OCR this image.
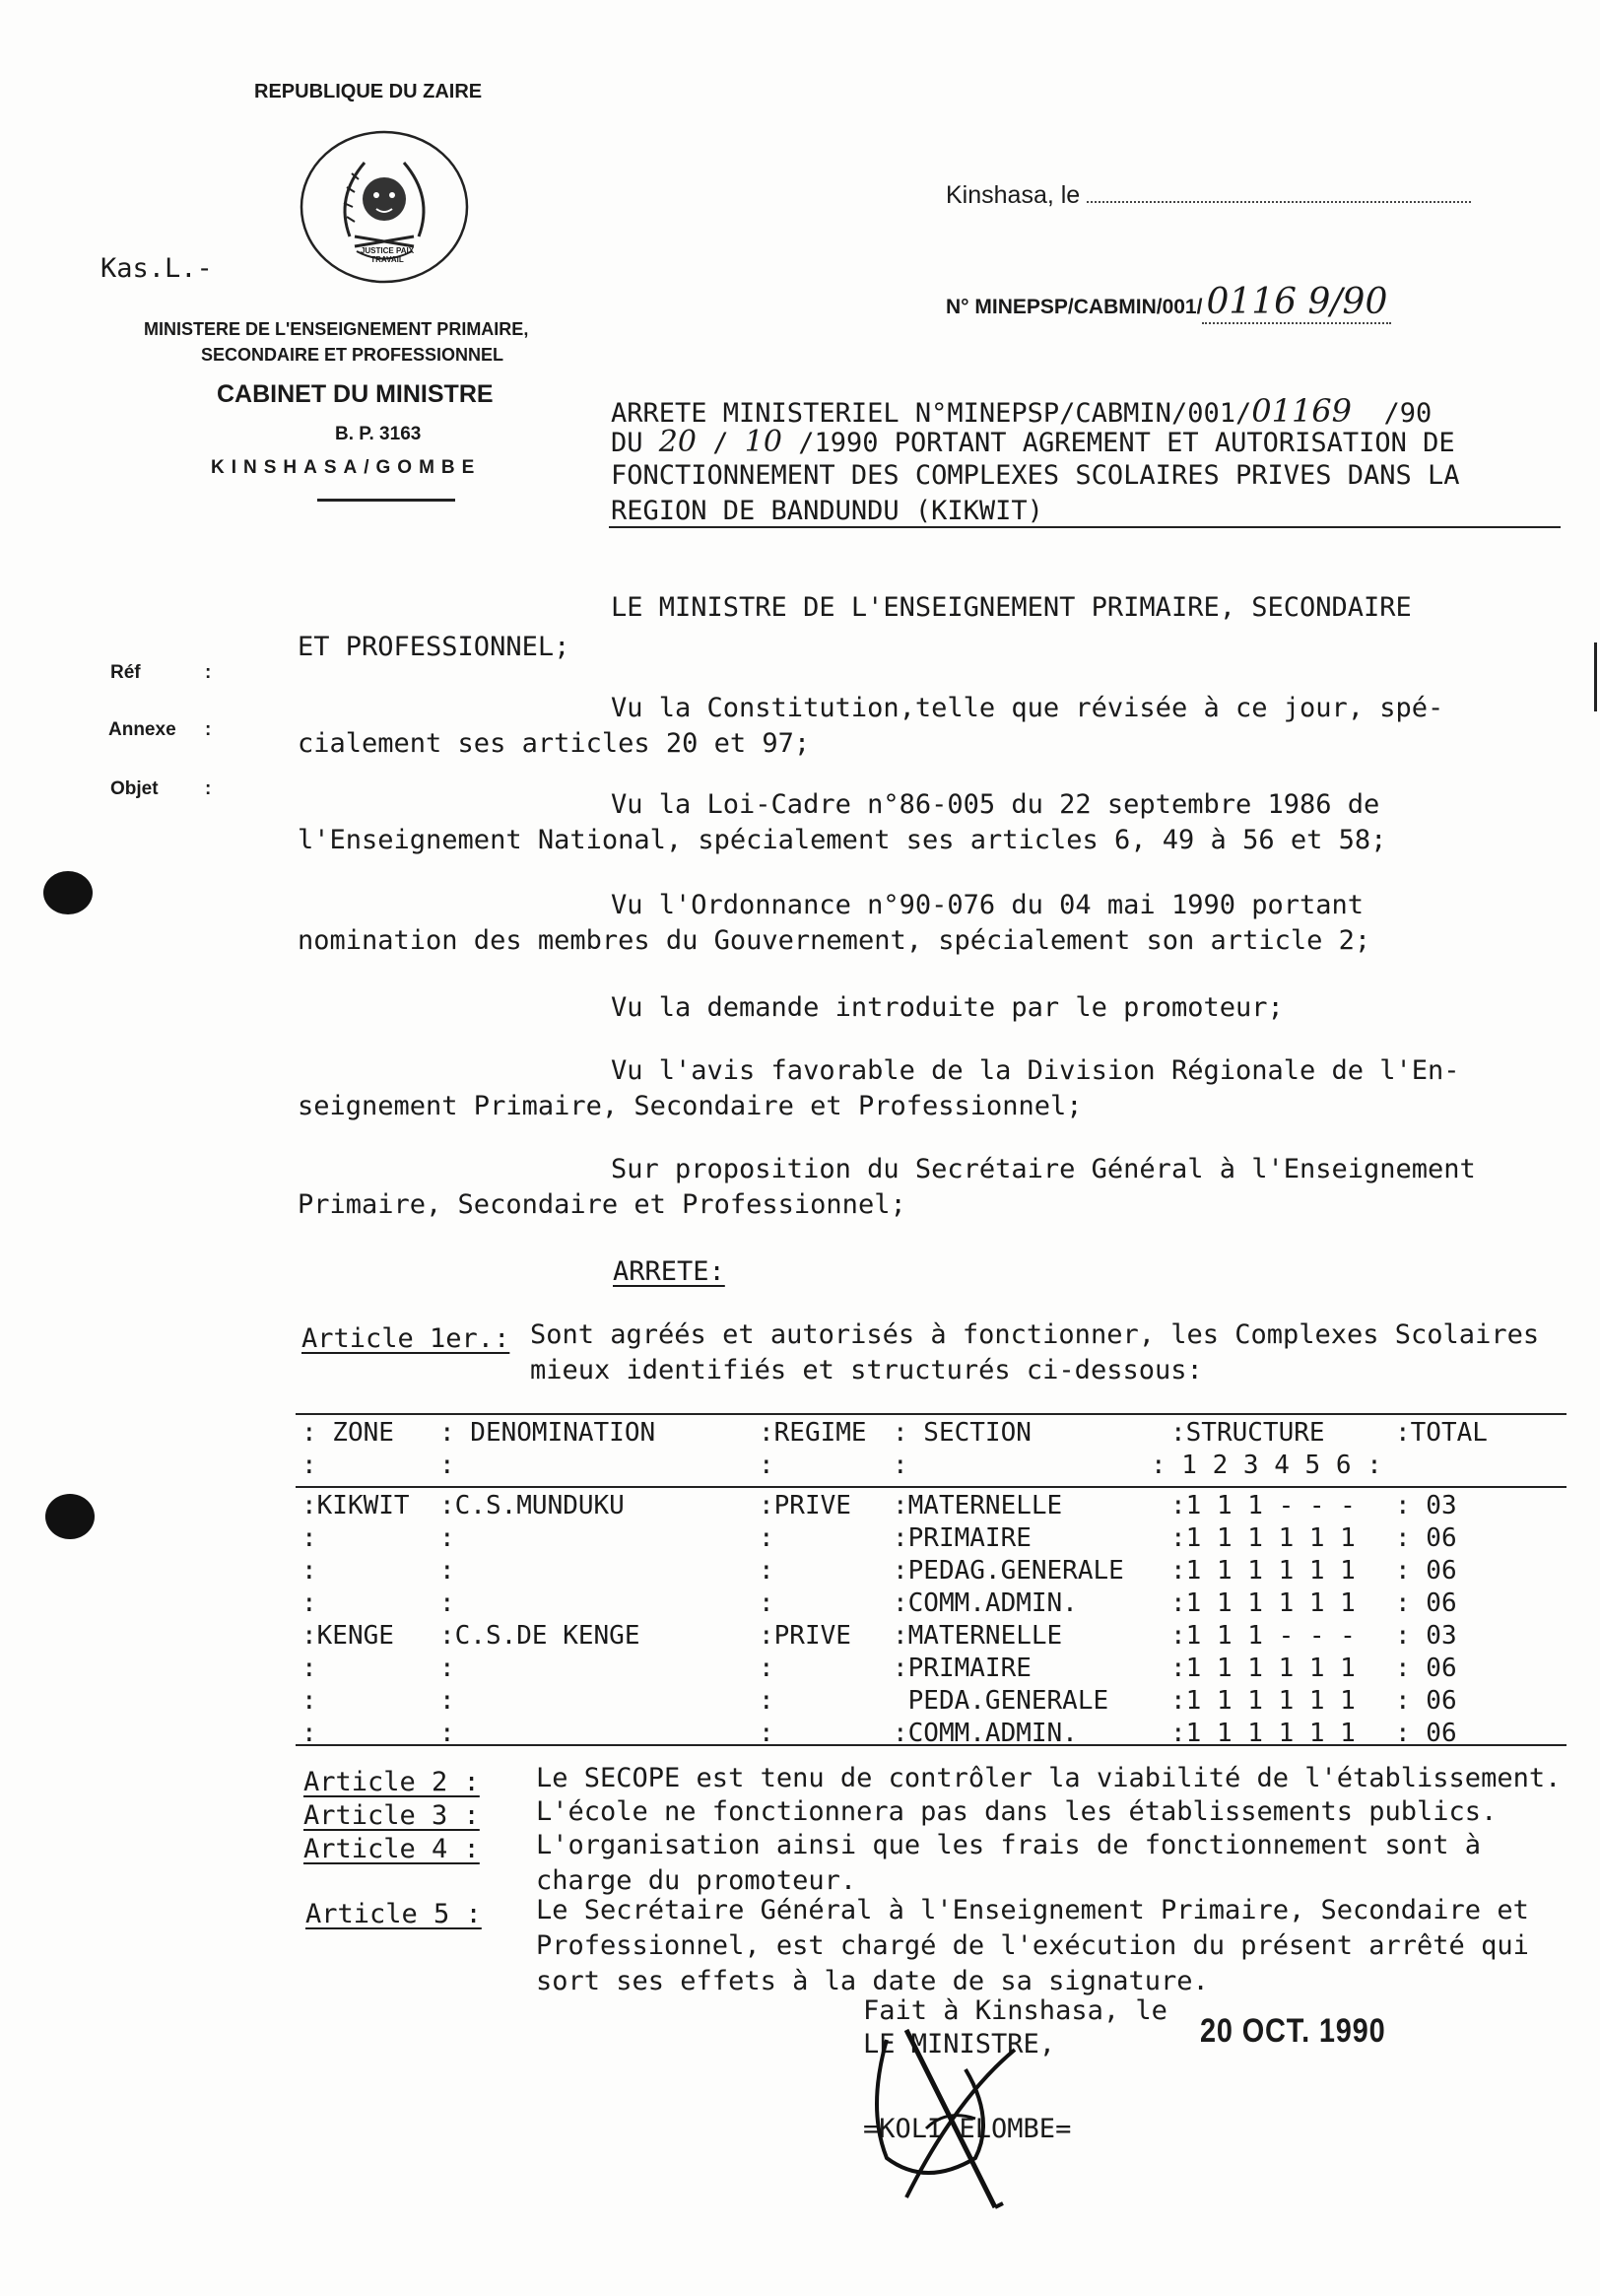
REPUBLIQUE DU ZAIRE
JUSTICE PAIX TRAVAIL
Kas.L.-
MINISTERE DE L'ENSEIGNEMENT PRIMAIRE,
SECONDAIRE ET PROFESSIONNEL
CABINET DU MINISTRE
B. P. 3163
KINSHASA/GOMBE
Kinshasa, le
N° MINEPSP/CABMIN/001/ 0116 9/90
ARRETE MINISTERIEL N°MINEPSP/CABMIN/001/01169 /90
DU 20 / 10 /1990 PORTANT AGREMENT ET AUTORISATION DE
FONCTIONNEMENT DES COMPLEXES SCOLAIRES PRIVES DANS LA
REGION DE BANDUNDU (KIKWIT)
Réf	:
Annexe :
Objet :
LE MINISTRE DE L'ENSEIGNEMENT PRIMAIRE, SECONDAIRE
ET PROFESSIONNEL;
Vu la Constitution,telle que révisée à ce jour, spé-
cialement ses articles 20 et 97;
Vu la Loi-Cadre n°86-005 du 22 septembre 1986 de
l'Enseignement National, spécialement ses articles 6, 49 à 56 et 58;
Vu l'Ordonnance n°90-076 du 04 mai 1990 portant
nomination des membres du Gouvernement, spécialement son article 2;
Vu la demande introduite par le promoteur;
Vu l'avis favorable de la Division Régionale de l'En-
seignement Primaire, Secondaire et Professionnel;
Sur proposition du Secrétaire Général à l'Enseignement
Primaire, Secondaire et Professionnel;
ARRETE:
Article 1er.: Sont agréés et autorisés à fonctionner, les Complexes Scolaires
mieux identifiés et structurés ci-dessous:
: ZONE	: DENOMINATION	:REGIME	: SECTION	:STRUCTURE	:TOTAL
:	:	:	:	: 1 2 3 4 5 6 :	
:KIKWIT	:C.S.MUNDUKU	:PRIVE	:MATERNELLE	:1 1 1 - - -	: 03
:	:	:	:PRIMAIRE	:1 1 1 1 1 1	: 06
:	:	:	:PEDAG.GENERALE	:1 1 1 1 1 1	: 06
:	:	:	:COMM.ADMIN.	:1 1 1 1 1 1	: 06
:KENGE	:C.S.DE KENGE	:PRIVE	:MATERNELLE	:1 1 1 - - -	: 03
:	:	:	:PRIMAIRE	:1 1 1 1 1 1	: 06
:	:	:	PEDA.GENERALE	:1 1 1 1 1 1	: 06
:	:	:	:COMM.ADMIN.	:1 1 1 1 1 1	: 06
Article 2 : Le SECOPE est tenu de contrôler la viabilité de l'établissement.
Article 3 : L'école ne fonctionnera pas dans les établissements publics.
Article 4 : L'organisation ainsi que les frais de fonctionnement sont à
charge du promoteur.
Article 5 : Le Secrétaire Général à l'Enseignement Primaire, Secondaire et
Professionnel, est chargé de l'exécution du présent arrêté qui
sort ses effets à la date de sa signature.
Fait à Kinshasa, le
LE MINISTRE,	20 OCT. 1990
=KOLI ELOMBE=
